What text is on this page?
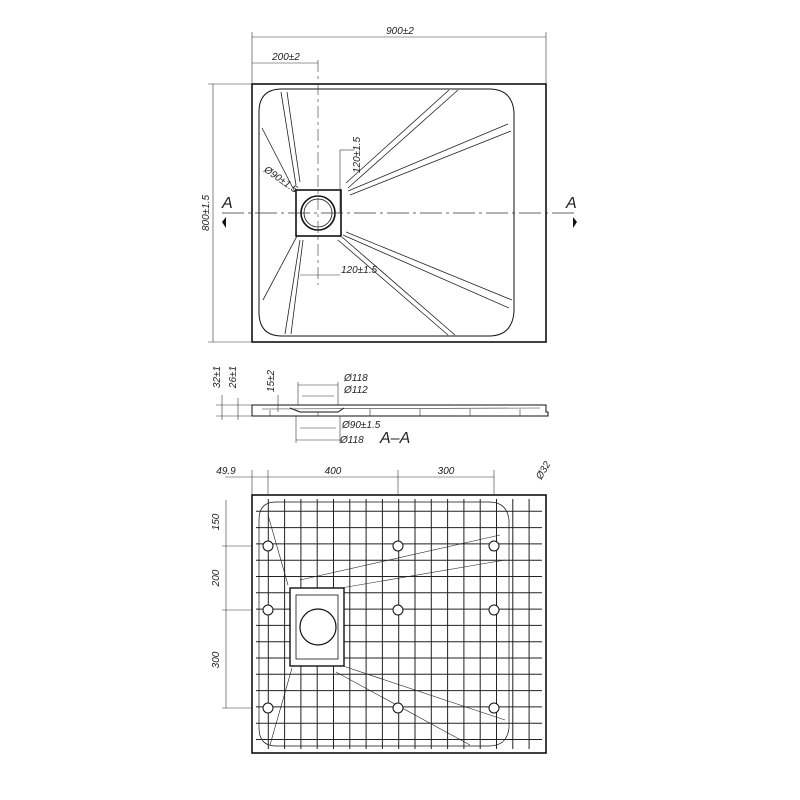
900±2
200±2
800±1.5
Ø90±1.5
120±1.5
120±1.5
A	A
32±1 26±1	15±2	Ø118
Ø112
Ø90±1.5
Ø118 A–A
49.9	400	300	Ø32
150
200
300
